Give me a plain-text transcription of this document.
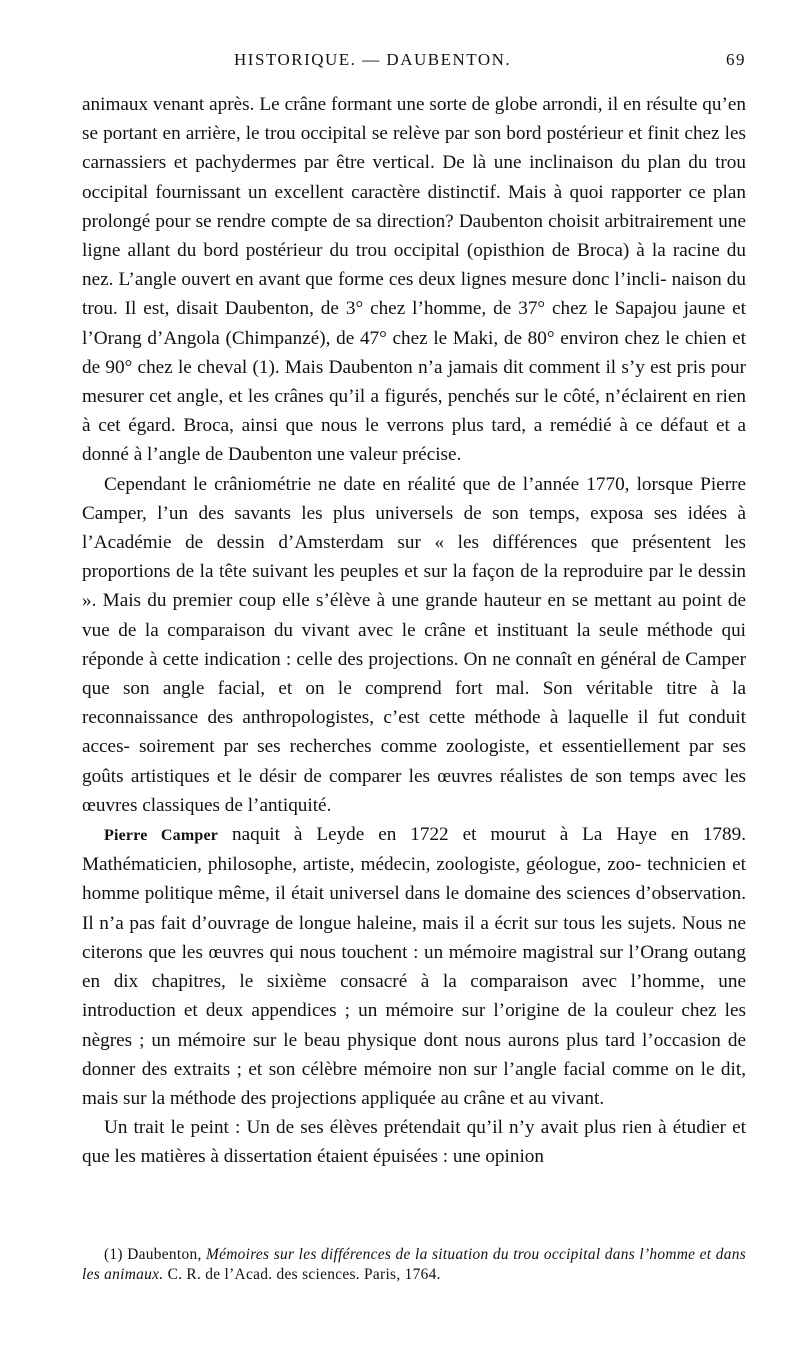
HISTORIQUE. — DAUBENTON.	69

animaux venant après. Le crâne formant une sorte de globe arrondi, il en résulte qu’en se portant en arrière, le trou occipital se relève par son bord postérieur et finit chez les carnassiers et pachydermes par être vertical. De là une inclinaison du plan du trou occipital fournissant un excellent caractère distinctif. Mais à quoi rapporter ce plan prolongé pour se rendre compte de sa direction? Daubenton choisit arbitrairement une ligne allant du bord postérieur du trou occipital (opisthion de Broca) à la racine du nez. L’angle ouvert en avant que forme ces deux lignes mesure donc l’incli- naison du trou. Il est, disait Daubenton, de 3° chez l’homme, de 37° chez le Sapajou jaune et l’Orang d’Angola (Chimpanzé), de 47° chez le Maki, de 80° environ chez le chien et de 90° chez le cheval (1). Mais Daubenton n’a jamais dit comment il s’y est pris pour mesurer cet angle, et les crânes qu’il a figurés, penchés sur le côté, n’éclairent en rien à cet égard. Broca, ainsi que nous le verrons plus tard, a remédié à ce défaut et a donné à l’angle de Daubenton une valeur précise.

Cependant le crâniométrie ne date en réalité que de l’année 1770, lorsque Pierre Camper, l’un des savants les plus universels de son temps, exposa ses idées à l’Académie de dessin d’Amsterdam sur « les différences que présentent les proportions de la tête suivant les peuples et sur la façon de la reproduire par le dessin ». Mais du premier coup elle s’élève à une grande hauteur en se mettant au point de vue de la comparaison du vivant avec le crâne et instituant la seule méthode qui réponde à cette indication : celle des projections. On ne connaît en général de Camper que son angle facial, et on le comprend fort mal. Son véritable titre à la reconnaissance des anthropologistes, c’est cette méthode à laquelle il fut conduit acces- soirement par ses recherches comme zoologiste, et essentiellement par ses goûts artistiques et le désir de comparer les œuvres réalistes de son temps avec les œuvres classiques de l’antiquité.

Pierre Camper naquit à Leyde en 1722 et mourut à La Haye en 1789. Mathématicien, philosophe, artiste, médecin, zoologiste, géologue, zoo- technicien et homme politique même, il était universel dans le domaine des sciences d’observation. Il n’a pas fait d’ouvrage de longue haleine, mais il a écrit sur tous les sujets. Nous ne citerons que les œuvres qui nous touchent : un mémoire magistral sur l’Orang outang en dix chapitres, le sixième consacré à la comparaison avec l’homme, une introduction et deux appendices ; un mémoire sur l’origine de la couleur chez les nègres ; un mémoire sur le beau physique dont nous aurons plus tard l’occasion de donner des extraits ; et son célèbre mémoire non sur l’angle facial comme on le dit, mais sur la méthode des projections appliquée au crâne et au vivant.

Un trait le peint : Un de ses élèves prétendait qu’il n’y avait plus rien à étudier et que les matières à dissertation étaient épuisées : une opinion

(1) Daubenton, Mémoires sur les différences de la situation du trou occipital dans l’homme et dans les animaux. C. R. de l’Acad. des sciences. Paris, 1764.
